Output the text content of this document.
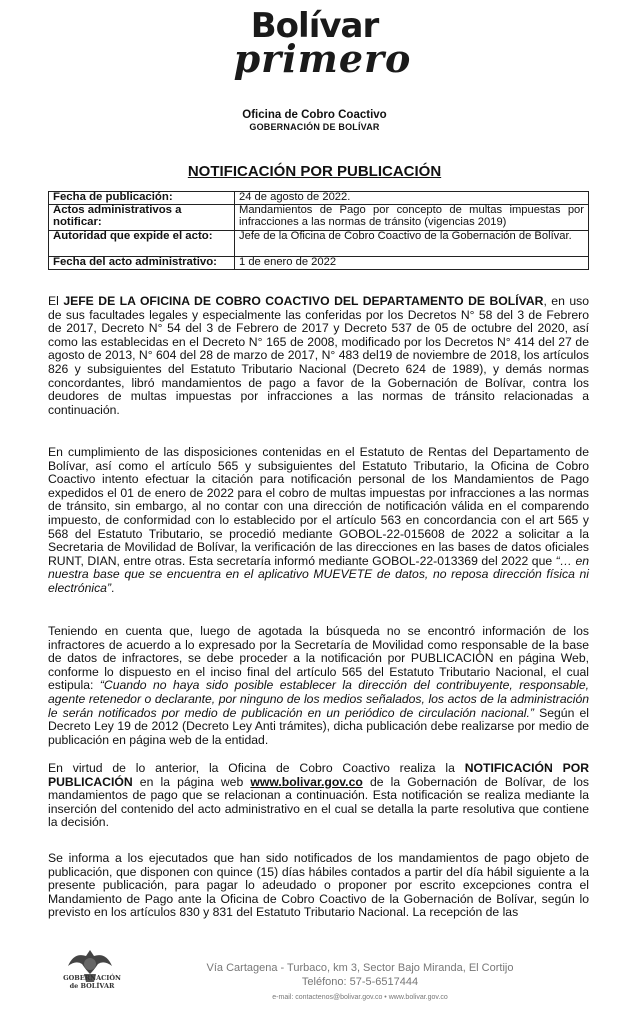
Bolívar
primero
Oficina de Cobro Coactivo
GOBERNACIÓN DE BOLÍVAR
NOTIFICACIÓN POR PUBLICACIÓN
Fecha de publicación:	24 de agosto de 2022.
Actos administrativos a notificar:	Mandamientos de Pago por concepto de multas impuestas por infracciones a las normas de tránsito (vigencias 2019)
Autoridad que expide el acto:	Jefe de la Oficina de Cobro Coactivo de la Gobernación de Bolívar.
Fecha del acto administrativo:	1 de enero de 2022

El JEFE DE LA OFICINA DE COBRO COACTIVO DEL DEPARTAMENTO DE BOLÍVAR, en uso de sus facultades legales y especialmente las conferidas por los Decretos N° 58 del 3 de Febrero de 2017, Decreto N° 54 del 3 de Febrero de 2017 y Decreto 537 de 05 de octubre del 2020, así como las establecidas en el Decreto N° 165 de 2008, modificado por los Decretos N° 414 del 27 de agosto de 2013, N° 604 del 28 de marzo de 2017, N° 483 del19 de noviembre de 2018, los artículos 826 y subsiguientes del Estatuto Tributario Nacional (Decreto 624 de 1989), y demás normas concordantes, libró mandamientos de pago a favor de la Gobernación de Bolívar, contra los deudores de multas impuestas por infracciones a las normas de tránsito relacionadas a continuación.

En cumplimiento de las disposiciones contenidas en el Estatuto de Rentas del Departamento de Bolívar, así como el artículo 565 y subsiguientes del Estatuto Tributario, la Oficina de Cobro Coactivo intento efectuar la citación para notificación personal de los Mandamientos de Pago expedidos el 01 de enero de 2022 para el cobro de multas impuestas por infracciones a las normas de tránsito, sin embargo, al no contar con una dirección de notificación válida en el comparendo impuesto, de conformidad con lo establecido por el artículo 563 en concordancia con el art 565 y 568 del Estatuto Tributario, se procedió mediante GOBOL-22-015608 de 2022 a solicitar a la Secretaria de Movilidad de Bolívar, la verificación de las direcciones en las bases de datos oficiales RUNT, DIAN, entre otras. Esta secretaría informó mediante GOBOL-22-013369 del 2022 que “… en nuestra base que se encuentra en el aplicativo MUEVETE de datos, no reposa dirección física ni electrónica”.

Teniendo en cuenta que, luego de agotada la búsqueda no se encontró información de los infractores de acuerdo a lo expresado por la Secretaría de Movilidad como responsable de la base de datos de infractores, se debe proceder a la notificación por PUBLICACIÓN en página Web, conforme lo dispuesto en el inciso final del artículo 565 del Estatuto Tributario Nacional, el cual estipula: “Cuando no haya sido posible establecer la dirección del contribuyente, responsable, agente retenedor o declarante, por ninguno de los medios señalados, los actos de la administración le serán notificados por medio de publicación en un periódico de circulación nacional.” Según el Decreto Ley 19 de 2012 (Decreto Ley Anti trámites), dicha publicación debe realizarse por medio de publicación en página web de la entidad.

En virtud de lo anterior, la Oficina de Cobro Coactivo realiza la NOTIFICACIÓN POR PUBLICACIÓN en la página web www.bolivar.gov.co de la Gobernación de Bolívar, de los mandamientos de pago que se relacionan a continuación. Esta notificación se realiza mediante la inserción del contenido del acto administrativo en el cual se detalla la parte resolutiva que contiene la decisión.

Se informa a los ejecutados que han sido notificados de los mandamientos de pago objeto de publicación, que disponen con quince (15) días hábiles contados a partir del día hábil siguiente a la presente publicación, para pagar lo adeudado o proponer por escrito excepciones contra el Mandamiento de Pago ante la Oficina de Cobro Coactivo de la Gobernación de Bolívar, según lo previsto en los artículos 830 y 831 del Estatuto Tributario Nacional. La recepción de las

GOBERNACIÓN
de BOLÍVAR
Vía Cartagena - Turbaco, km 3, Sector Bajo Miranda, El Cortijo
Teléfono: 57-5-6517444
e-mail: contactenos@bolivar.gov.co • www.bolivar.gov.co
